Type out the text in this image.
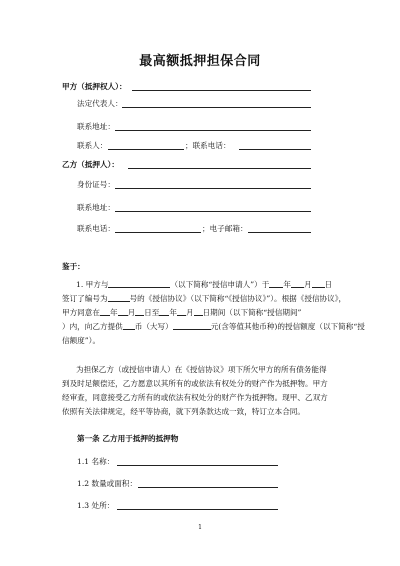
最高额抵押担保合同
甲方（抵押权人）：
法定代表人：
联系地址：
联系人：	；联系电话：
乙方（抵押人）：
身份证号：
联系地址：
联系电话：	；电子邮箱：
鉴于：
1. 甲方与	（以下简称“授信申请人”）于 年 月 日
签订了编号为	号的《授信协议》（以下简称“《授信协议》”）。根据《授信协议》，
甲方同意在 年 月 日至 年 月 日期间（以下简称“授信期间”
）内，向乙方提供 币（大写）	元(含等值其他币种)的授信额度（以下简称“授
信额度”）。
为担保乙方（或授信申请人）在《授信协议》项下所欠甲方的所有债务能得
到及时足额偿还，乙方愿意以其所有的或依法有权处分的财产作为抵押物。甲方
经审查，同意接受乙方所有的或依法有权处分的财产作为抵押物。现甲、乙双方
依照有关法律规定，经平等协商，就下列条款达成一致，特订立本合同。
第一条 乙方用于抵押的抵押物
1.1 名称：
1.2 数量或面积：
1.3 处所：
1
